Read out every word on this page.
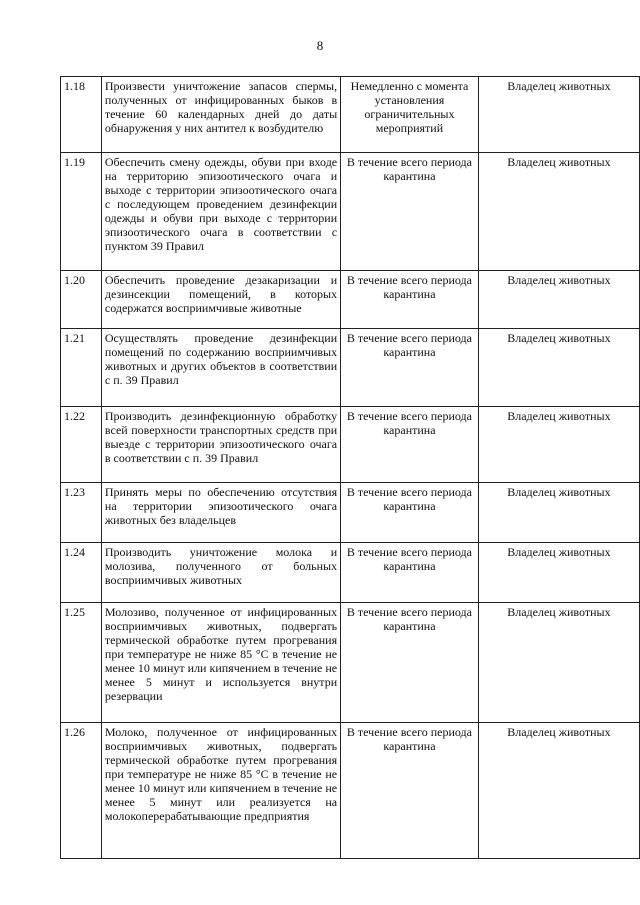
8
1.18	Произвести уничтожение запасов спермы, полученных от инфицированных быков в течение 60 календарных дней до даты обнаружения у них антител к возбудителю	Немедленно с момента установления ограничительных мероприятий	Владелец животных
1.19	Обеспечить смену одежды, обуви при входе на территорию эпизоотического очага и выходе с территории эпизоотического очага с последующем проведением дезинфекции одежды и обуви при выходе с территории эпизоотического очага в соответствии с пунктом 39 Правил	В течение всего периода карантина	Владелец животных
1.20	Обеспечить проведение дезакаризации и дезинсекции помещений, в которых содержатся восприимчивые животные	В течение всего периода карантина	Владелец животных
1.21	Осуществлять проведение дезинфекции помещений по содержанию восприимчивых животных и других объектов в соответствии с п. 39 Правил	В течение всего периода карантина	Владелец животных
1.22	Производить дезинфекционную обработку всей поверхности транспортных средств при выезде с территории эпизоотического очага в соответствии с п. 39 Правил	В течение всего периода карантина	Владелец животных
1.23	Принять меры по обеспечению отсутствия на территории эпизоотического очага животных без владельцев	В течение всего периода карантина	Владелец животных
1.24	Производить уничтожение молока и молозива, полученного от больных восприимчивых животных	В течение всего периода карантина	Владелец животных
1.25	Молозиво, полученное от инфицированных восприимчивых животных, подвергать термической обработке путем прогревания при температуре не ниже 85 °С в течение не менее 10 минут или кипячением в течение не менее 5 минут и используется внутри резервации	В течение всего периода карантина	Владелец животных
1.26	Молоко, полученное от инфицированных восприимчивых животных, подвергать термической обработке путем прогревания при температуре не ниже 85 °С в течение не менее 10 минут или кипячением в течение не менее 5 минут или реализуется на молокоперерабатывающие предприятия	В течение всего периода карантина	Владелец животных
